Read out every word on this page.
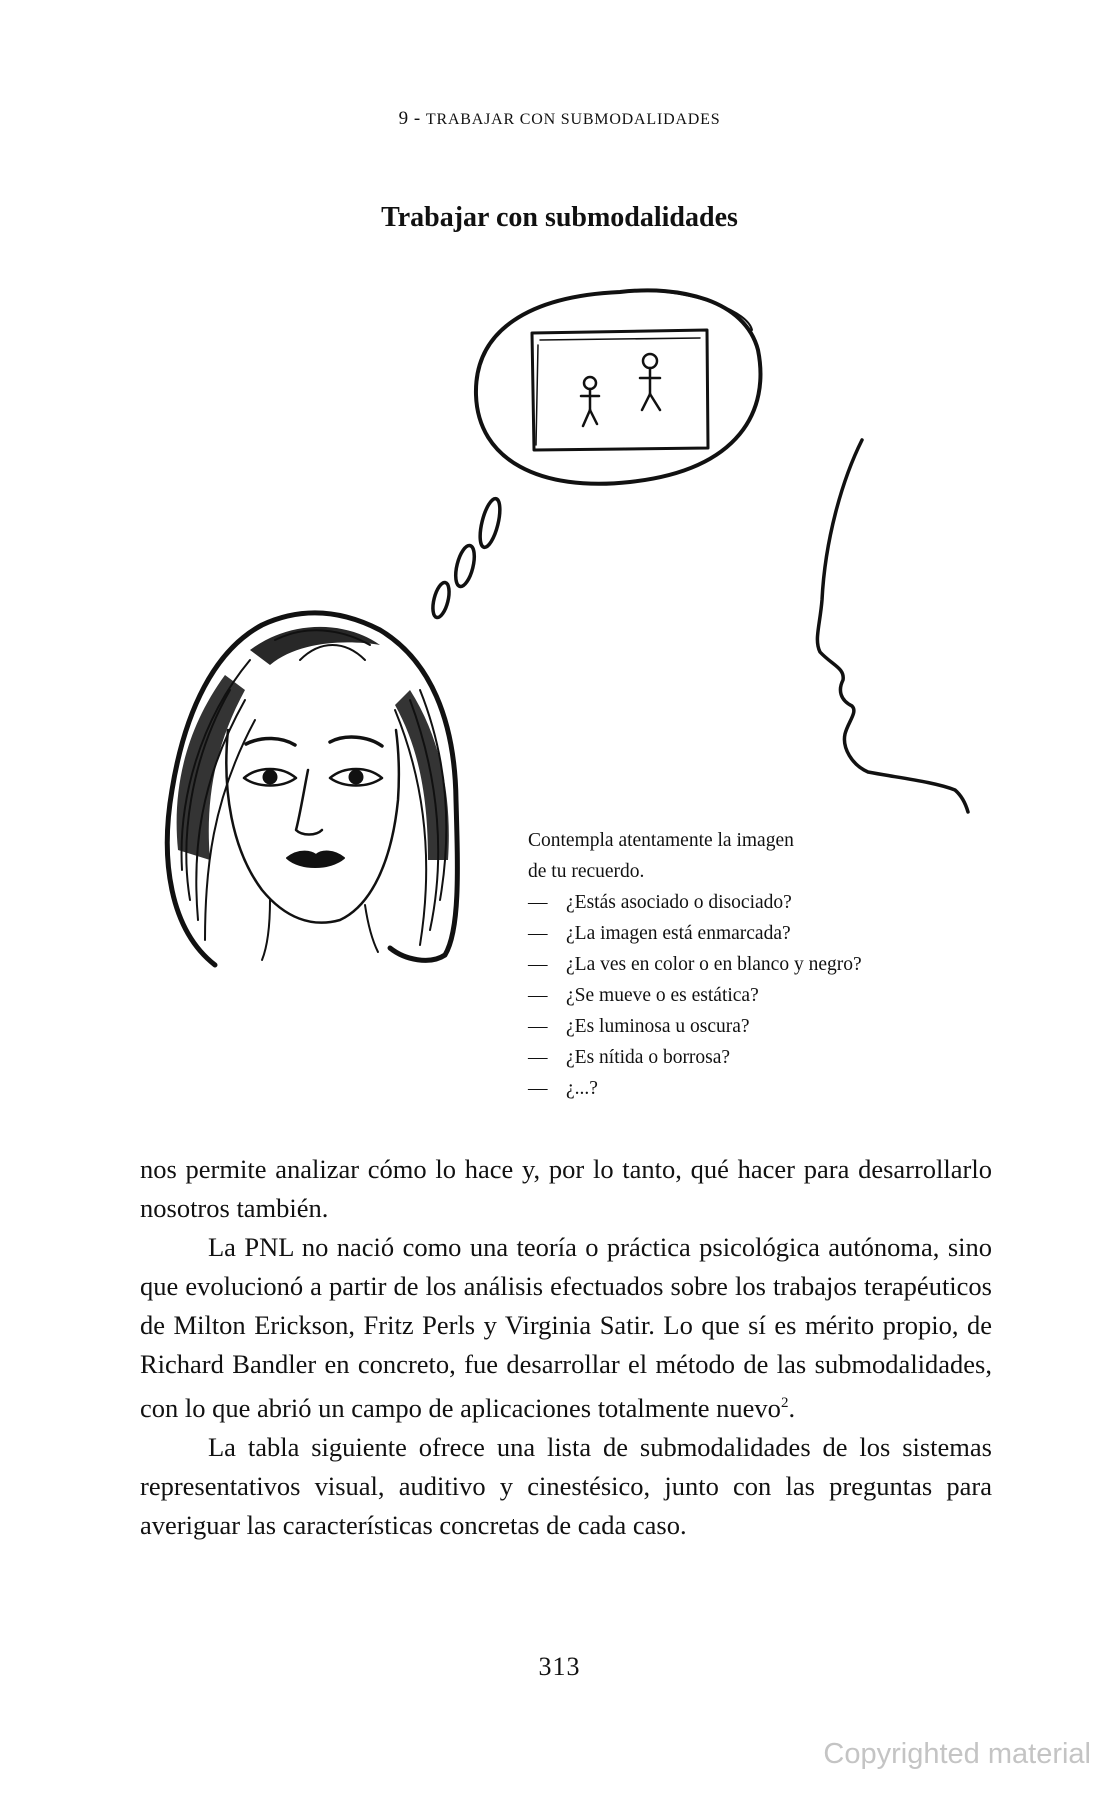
9 - TRABAJAR CON SUBMODALIDADES
Trabajar con submodalidades
Contempla atentamente la imagen
de tu recuerdo.
— ¿Estás asociado o disociado?
— ¿La imagen está enmarcada?
— ¿La ves en color o en blanco y negro?
— ¿Se mueve o es estática?
— ¿Es luminosa u oscura?
— ¿Es nítida o borrosa?
— ¿...?

nos permite analizar cómo lo hace y, por lo tanto, qué hacer para desarrollarlo nosotros también.

La PNL no nació como una teoría o práctica psicológica autónoma, sino que evolucionó a partir de los análisis efectuados sobre los trabajos terapéuticos de Milton Erickson, Fritz Perls y Virginia Satir. Lo que sí es mérito propio, de Richard Bandler en concreto, fue desarrollar el método de las submodalidades, con lo que abrió un campo de aplicaciones totalmente nuevo$^2$.

La tabla siguiente ofrece una lista de submodalidades de los sistemas representativos visual, auditivo y cinestésico, junto con las preguntas para averiguar las características concretas de cada caso.

313
Copyrighted material
